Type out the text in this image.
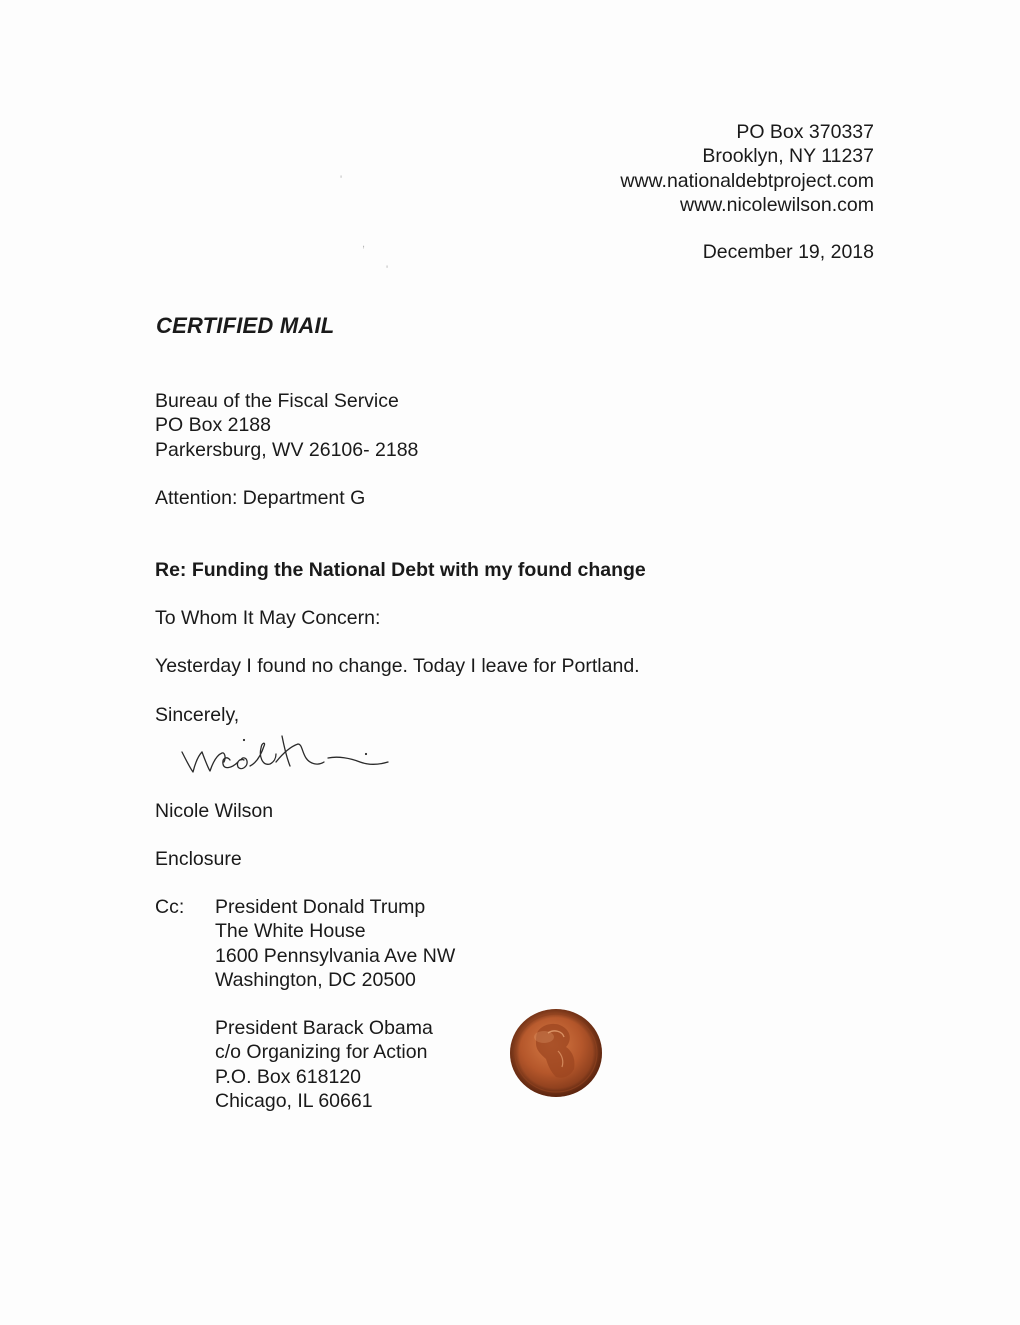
'
,
'
PO Box 370337
Brooklyn, NY 11237
www.nationaldebtproject.com
www.nicolewilson.com
December 19, 2018
CERTIFIED MAIL
Bureau of the Fiscal Service
PO Box 2188
Parkersburg, WV 26106- 2188
Attention: Department G
Re: Funding the National Debt with my found change
To Whom It May Concern:
Yesterday I found no change. Today I leave for Portland.
Sincerely,
Nicole Wilson
Enclosure
Cc: President Donald Trump
The White House
1600 Pennsylvania Ave NW
Washington, DC 20500
President Barack Obama
c/o Organizing for Action
P.O. Box 618120
Chicago, IL 60661
